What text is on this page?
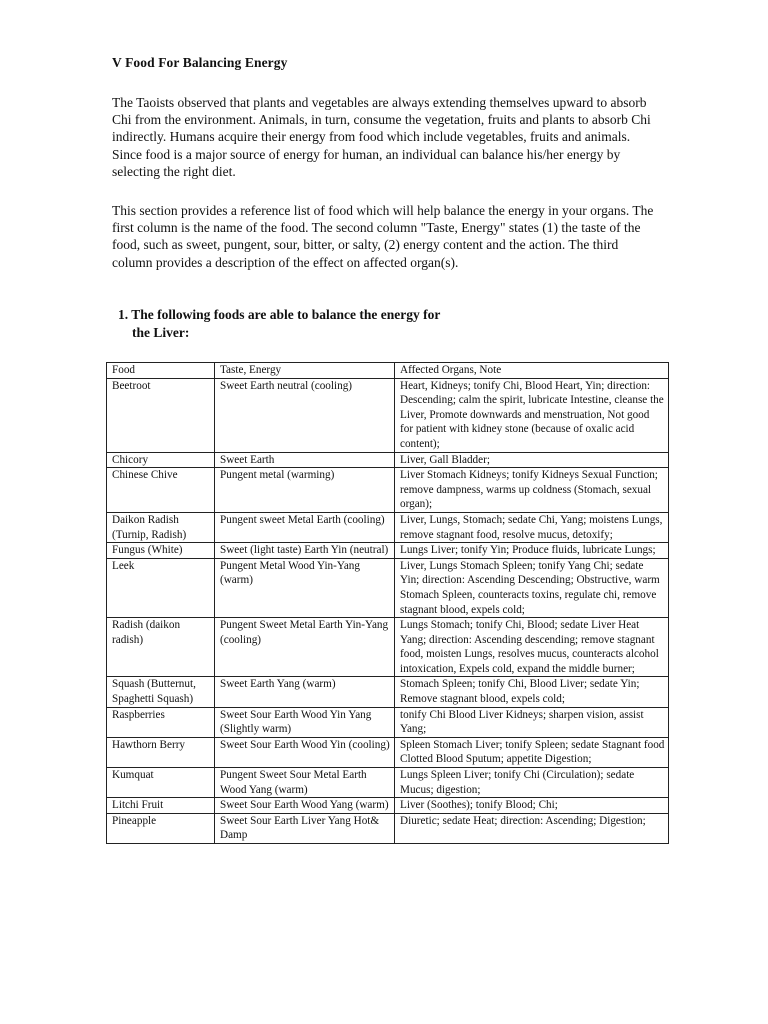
V Food For Balancing Energy
The Taoists observed that plants and vegetables are always extending themselves upward to absorb Chi from the environment. Animals, in turn, consume the vegetation, fruits and plants to absorb Chi indirectly. Humans acquire their energy from food which include vegetables, fruits and animals. Since food is a major source of energy for human, an individual can balance his/her energy by selecting the right diet.
This section provides a reference list of food which will help balance the energy in your organs. The first column is the name of the food. The second column "Taste, Energy" states (1) the taste of the food, such as sweet, pungent, sour, bitter, or salty, (2) energy content and the action. The third column provides a description of the effect on affected organ(s).
1. The following foods are able to balance the energy for
the Liver:
Food	Taste, Energy	Affected Organs, Note
Beetroot	Sweet Earth neutral (cooling)	Heart, Kidneys; tonify Chi, Blood Heart, Yin; direction: Descending; calm the spirit, lubricate Intestine, cleanse the Liver, Promote downwards and menstruation, Not good for patient with kidney stone (because of oxalic acid content);
Chicory	Sweet Earth	Liver, Gall Bladder;
Chinese Chive	Pungent metal (warming)	Liver Stomach Kidneys; tonify Kidneys Sexual Function; remove dampness, warms up coldness (Stomach, sexual organ);
Daikon Radish (Turnip, Radish)	Pungent sweet Metal Earth (cooling)	Liver, Lungs, Stomach; sedate Chi, Yang; moistens Lungs, remove stagnant food, resolve mucus, detoxify;
Fungus (White)	Sweet (light taste) Earth Yin (neutral)	Lungs Liver; tonify Yin; Produce fluids, lubricate Lungs;
Leek	Pungent Metal Wood Yin-Yang (warm)	Liver, Lungs Stomach Spleen; tonify Yang Chi; sedate Yin; direction: Ascending Descending; Obstructive, warm Stomach Spleen, counteracts toxins, regulate chi, remove stagnant blood, expels cold;
Radish (daikon radish)	Pungent Sweet Metal Earth Yin-Yang (cooling)	Lungs Stomach; tonify Chi, Blood; sedate Liver Heat Yang; direction: Ascending descending; remove stagnant food, moisten Lungs, resolves mucus, counteracts alcohol intoxication, Expels cold, expand the middle burner;
Squash (Butternut, Spaghetti Squash)	Sweet Earth Yang (warm)	Stomach Spleen; tonify Chi, Blood Liver; sedate Yin; Remove stagnant blood, expels cold;
Raspberries	Sweet Sour Earth Wood Yin Yang (Slightly warm)	tonify Chi Blood Liver Kidneys; sharpen vision, assist Yang;
Hawthorn Berry	Sweet Sour Earth Wood Yin (cooling)	Spleen Stomach Liver; tonify Spleen; sedate Stagnant food Clotted Blood Sputum; appetite Digestion;
Kumquat	Pungent Sweet Sour Metal Earth Wood Yang (warm)	Lungs Spleen Liver; tonify Chi (Circulation); sedate Mucus; digestion;
Litchi Fruit	Sweet Sour Earth Wood Yang (warm)	Liver (Soothes); tonify Blood; Chi;
Pineapple	Sweet Sour Earth Liver Yang Hot& Damp	Diuretic; sedate Heat; direction: Ascending; Digestion;
